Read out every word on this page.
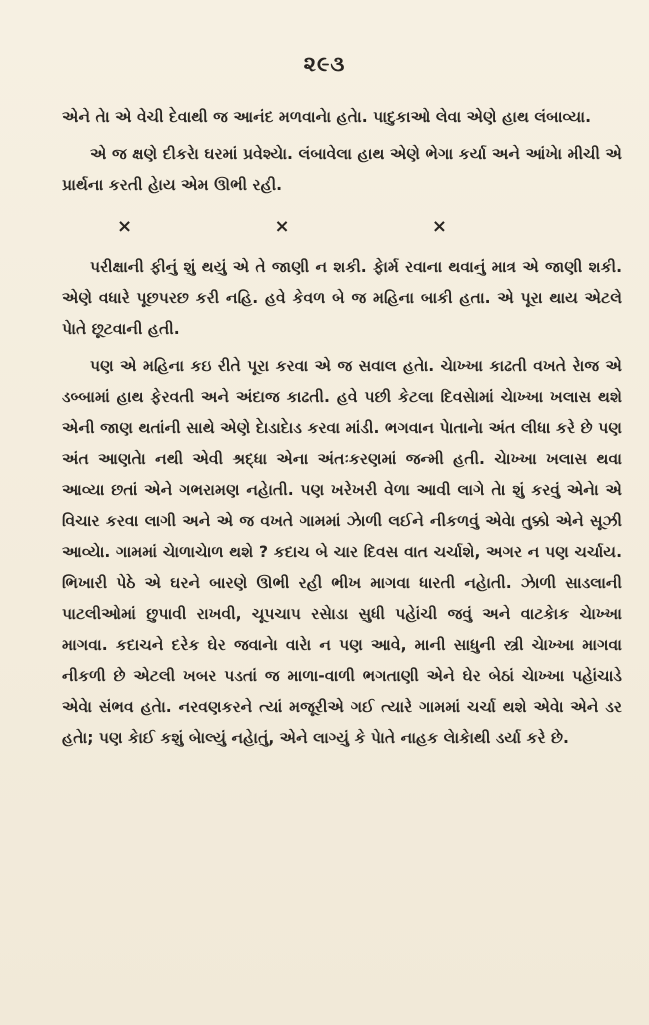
૨૯૩

એને તેા એ વેચી દેવાથી જ આનંદ મળવાનેા હતેા. પાદુકાઓ લેવા એણે હાથ લંબાવ્યા.

એ જ ક્ષણે દીકરેા ઘરમાં પ્રવેશ્યેા. લંબાવેલા હાથ એણે ભેગા કર્યા અને આંખેા મીચી એ પ્રાર્થના કરતી હેાય એમ ઊભી રહી.

×	×	×

પરીક્ષાની ફીનું શું થયું એ તે જાણી ન શકી. ફેાર્મ રવાના થવાનું માત્ર એ જાણી શકી. એણે વધારે પૂછપરછ કરી નહિ. હવે કેવળ બે જ મહિના બાકી હતા. એ પૂરા થાય એટલે પેાતે છૂટવાની હતી.

પણ એ મહિના કઇ રીતે પૂરા કરવા એ જ સવાલ હતેા. ચેાખ્ખા કાઢતી વખતે રેાજ એ ડબ્બામાં હાથ ફેરવતી અને અંદાજ કાઢતી. હવે પછી કેટલા દિવસેામાં ચેાખ્ખા ખલાસ થશે એની જાણ થતાંની સાથે એણે દેાડાદેાડ કરવા માંડી. ભગવાન પેાતાનેા અંત લીધા કરે છે પણ અંત આણતેા નથી એવી શ્રદ્ધા એના અંતઃકરણમાં જન્મી હતી. ચેાખ્ખા ખલાસ થવા આવ્યા છતાં એને ગભરામણ નહેાતી. પણ ખરેખરી વેળા આવી લાગે તેા શું કરવું એનેા એ વિચાર કરવા લાગી અને એ જ વખતે ગામમાં ઝેાળી લઈને નીકળવું એવેા તુક્કો એને સૂઝી આવ્યેા. ગામમાં ચેાળાચેાળ થશે ? કદાચ બે ચાર દિવસ વાત ચર્ચાશે, અગર ન પણ ચર્ચાય. ભિખારી પેઠે એ ઘરને બારણે ઊભી રહી ભીખ માગવા ધારતી નહેાતી. ઝેાળી સાડલાની પાટલીઓમાં છુપાવી રાખવી, ચૂપચાપ રસેાડા સુધી પહેાંચી જવું અને વાટકેાક ચેાખ્ખા માગવા. કદાચને દરેક ઘેર જવાનેા વારેા ન પણ આવે, માની સાધુની સ્ત્રી ચેાખ્ખા માગવા નીકળી છે એટલી ખબર પડતાં જ માળા-વાળી ભગતાણી એને ઘેર બેઠાં ચેાખ્ખા પહેાંચાડે એવેા સંભવ હતેા. નરવણકરને ત્યાં મજૂરીએ ગઈ ત્યારે ગામમાં ચર્ચા થશે એવેા એને ડર હતેા; પણ કેાઈ કશું બેાલ્યું નહેાતું, એને લાગ્યું કે પેાતે નાહક લેાકેાથી ડર્યા કરે છે.
